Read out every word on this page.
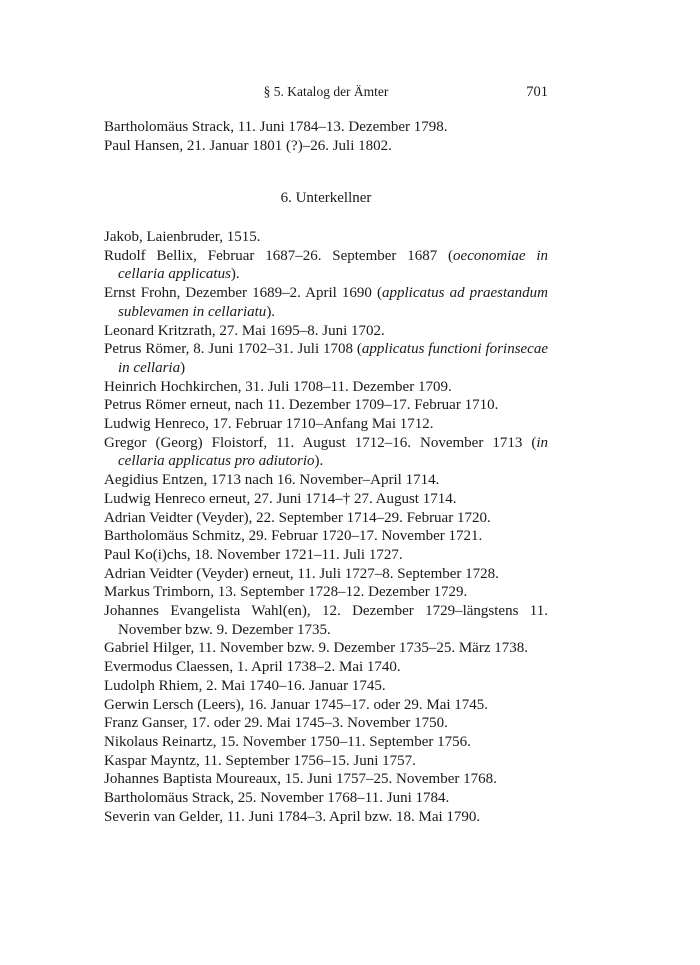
§ 5. Katalog der Ämter	701
Bartholomäus Strack, 11. Juni 1784–13. Dezember 1798.
Paul Hansen, 21. Januar 1801 (?)–26. Juli 1802.
6. Unterkellner
Jakob, Laienbruder, 1515.
Rudolf Bellix, Februar 1687–26. September 1687 (oeconomiae in cellaria applicatus).
Ernst Frohn, Dezember 1689–2. April 1690 (applicatus ad praestandum sublevamen in cellariatu).
Leonard Kritzrath, 27. Mai 1695–8. Juni 1702.
Petrus Römer, 8. Juni 1702–31. Juli 1708 (applicatus functioni forinsecae in cellaria)
Heinrich Hochkirchen, 31. Juli 1708–11. Dezember 1709.
Petrus Römer erneut, nach 11. Dezember 1709–17. Februar 1710.
Ludwig Henreco, 17. Februar 1710–Anfang Mai 1712.
Gregor (Georg) Floistorf, 11. August 1712–16. November 1713 (in cellaria applicatus pro adiutorio).
Aegidius Entzen, 1713 nach 16. November–April 1714.
Ludwig Henreco erneut, 27. Juni 1714–† 27. August 1714.
Adrian Veidter (Veyder), 22. September 1714–29. Februar 1720.
Bartholomäus Schmitz, 29. Februar 1720–17. November 1721.
Paul Ko(i)chs, 18. November 1721–11. Juli 1727.
Adrian Veidter (Veyder) erneut, 11. Juli 1727–8. September 1728.
Markus Trimborn, 13. September 1728–12. Dezember 1729.
Johannes Evangelista Wahl(en), 12. Dezember 1729–längstens 11. November bzw. 9. Dezember 1735.
Gabriel Hilger, 11. November bzw. 9. Dezember 1735–25. März 1738.
Evermodus Claessen, 1. April 1738–2. Mai 1740.
Ludolph Rhiem, 2. Mai 1740–16. Januar 1745.
Gerwin Lersch (Leers), 16. Januar 1745–17. oder 29. Mai 1745.
Franz Ganser, 17. oder 29. Mai 1745–3. November 1750.
Nikolaus Reinartz, 15. November 1750–11. September 1756.
Kaspar Mayntz, 11. September 1756–15. Juni 1757.
Johannes Baptista Moureaux, 15. Juni 1757–25. November 1768.
Bartholomäus Strack, 25. November 1768–11. Juni 1784.
Severin van Gelder, 11. Juni 1784–3. April bzw. 18. Mai 1790.
